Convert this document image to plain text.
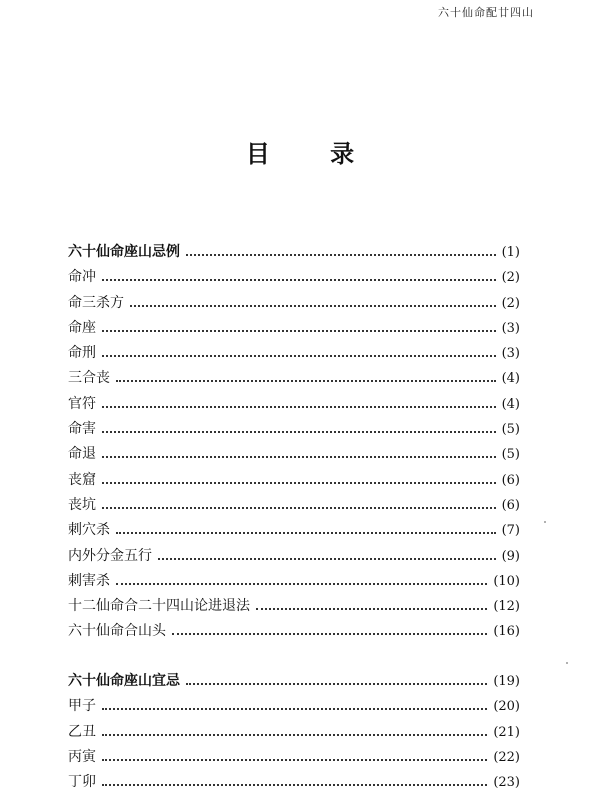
六十仙命配廿四山
目 录
六十仙命座山忌例	(1)
命冲	(2)
命三杀方	(2)
命座	(3)
命刑	(3)
三合丧	(4)
官符	(4)
命害	(5)
命退	(5)
丧窟	(6)
丧坑	(6)
刺穴杀	(7)
内外分金五行	(9)
刺害杀	(10)
十二仙命合二十四山论进退法	(12)
六十仙命合山头	(16)
六十仙命座山宜忌	(19)
甲子	(20)
乙丑	(21)
丙寅	(22)
丁卯	(23)
